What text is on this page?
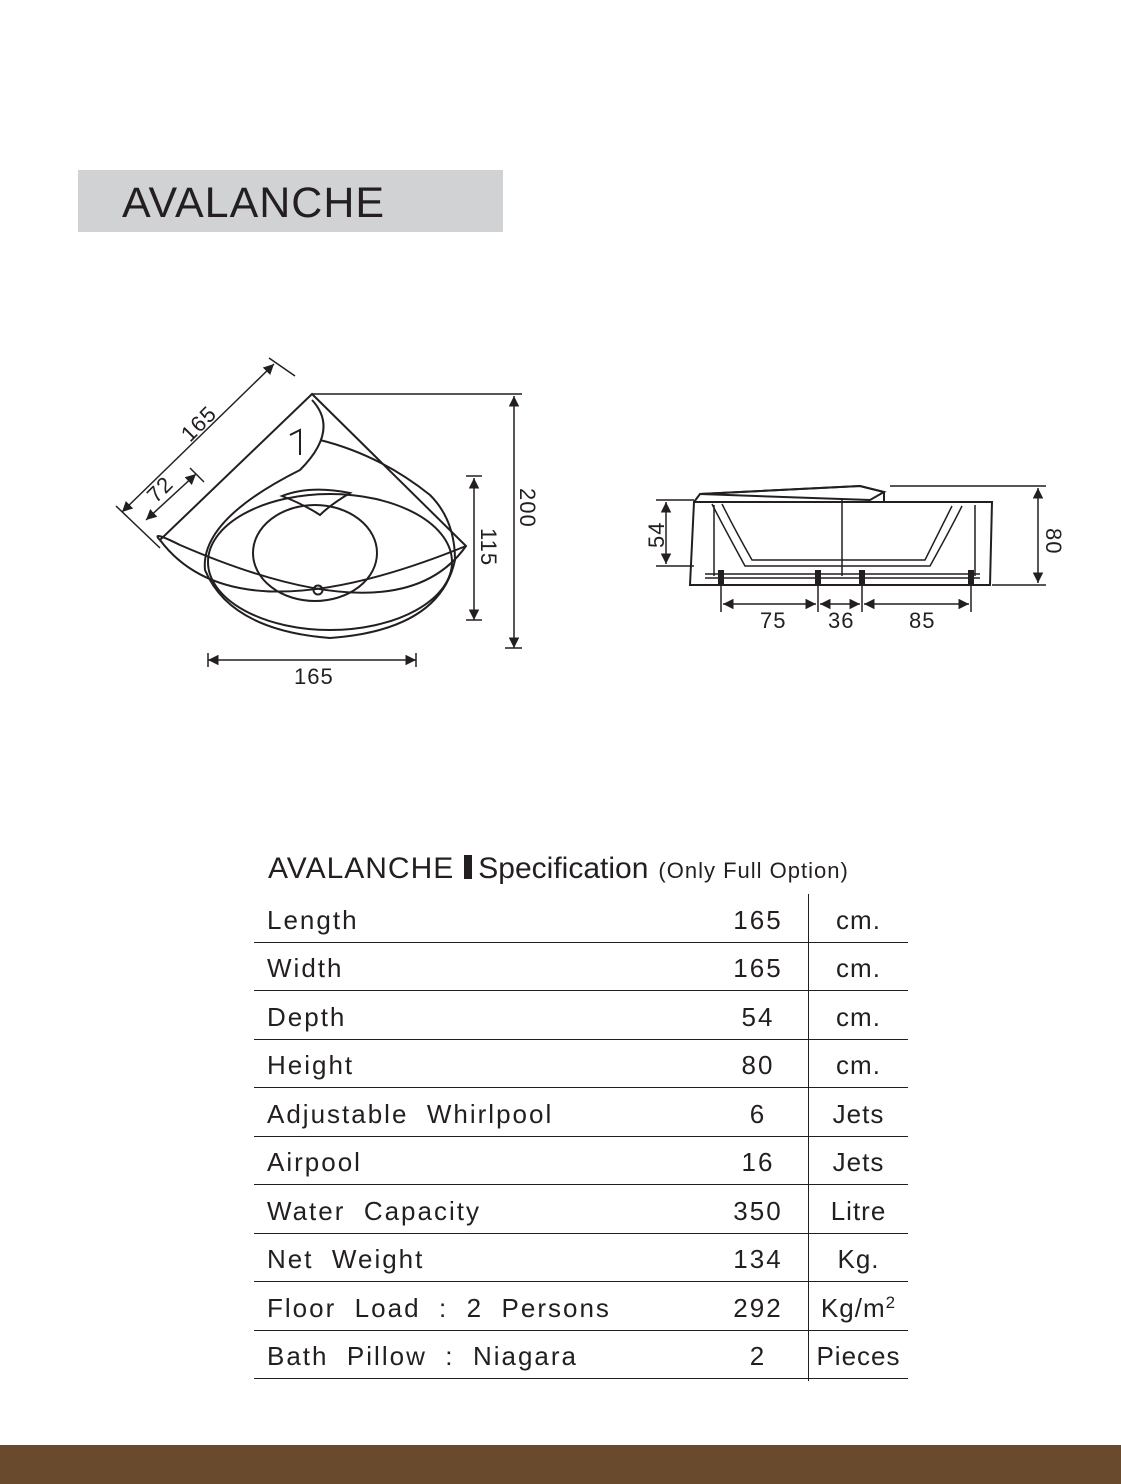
AVALANCHE
165
72	200
115
165
54	80
75 36 85
AVALANCHE Specification (Only Full Option)
Length	165	cm.
Width	165	cm.
Depth	54	cm.
Height	80	cm.
Adjustable  Whirlpool	6	Jets
Airpool	16	Jets
Water  Capacity	350	Litre
Net  Weight	134	Kg.
Floor  Load  :  2  Persons	292	$Kg/m^2$
Bath  Pillow  :  Niagara	2	Pieces
